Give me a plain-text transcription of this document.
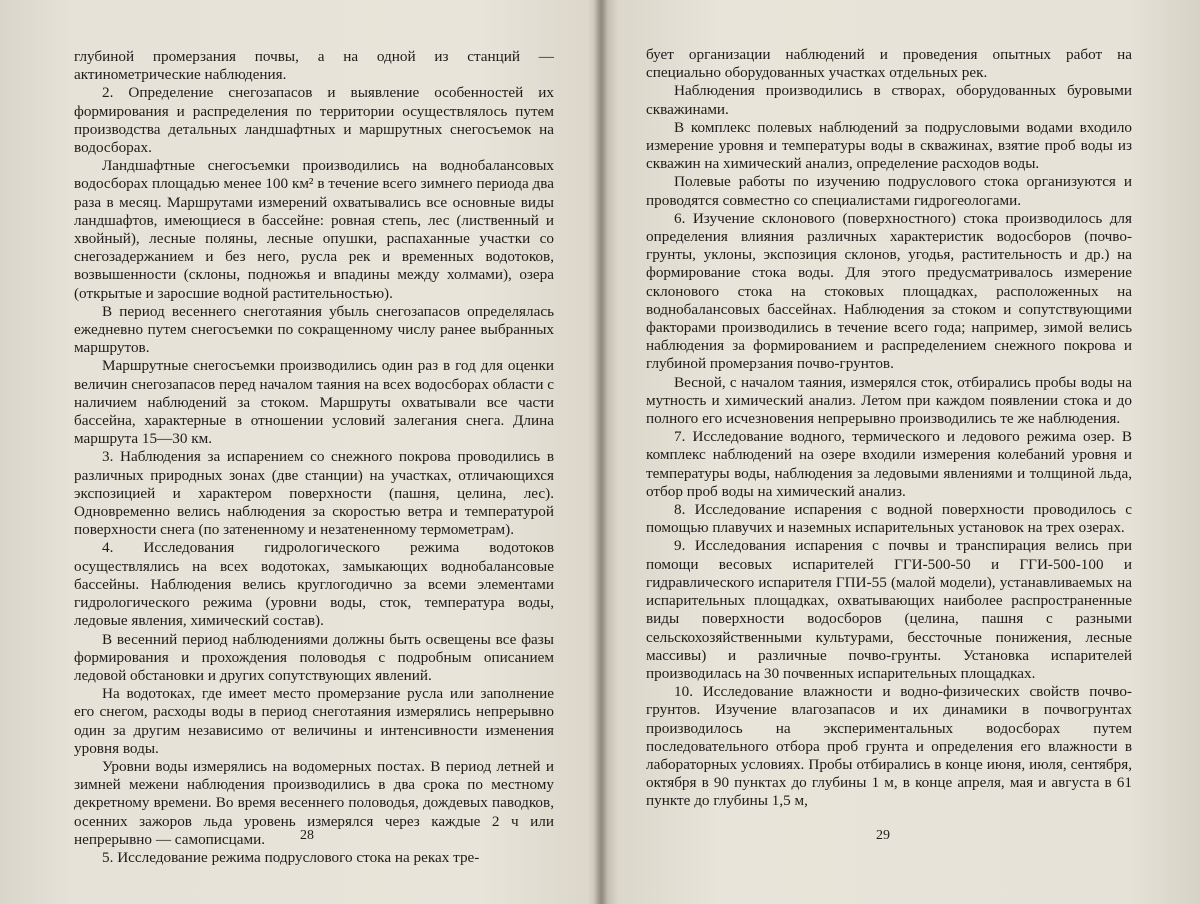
глубиной промерзания почвы, а на одной из станций — актинометрические наблюдения.

2. Определение снегозапасов и выявление особенностей их формирования и распределения по территории осуществлялось путем производства детальных ландшафтных и маршрутных снегосъемок на водосборах.

Ландшафтные снегосъемки производились на воднобалансовых водосборах площадью менее 100 км² в течение всего зимнего периода два раза в месяц. Маршрутами измерений охватывались все основные виды ландшафтов, имеющиеся в бассейне: ровная степь, лес (лиственный и хвойный), лесные поляны, лесные опушки, распаханные участки со снегозадержанием и без него, русла рек и временных водотоков, возвышенности (склоны, подножья и впадины между холмами), озера (открытые и заросшие водной растительностью).

В период весеннего снеготаяния убыль снегозапасов определялась ежедневно путем снегосъемки по сокращенному числу ранее выбранных маршрутов.

Маршрутные снегосъемки производились один раз в год для оценки величин снегозапасов перед началом таяния на всех водосборах области с наличием наблюдений за стоком. Маршруты охватывали все части бассейна, характерные в отношении условий залегания снега. Длина маршрута 15—30 км.

3. Наблюдения за испарением со снежного покрова проводились в различных природных зонах (две станции) на участках, отличающихся экспозицией и характером поверхности (пашня, целина, лес). Одновременно велись наблюдения за скоростью ветра и температурой поверхности снега (по затененному и незатененному термометрам).

4. Исследования гидрологического режима водотоков осуществлялись на всех водотоках, замыкающих воднобалансовые бассейны. Наблюдения велись круглогодично за всеми элементами гидрологического режима (уровни воды, сток, температура воды, ледовые явления, химический состав).

В весенний период наблюдениями должны быть освещены все фазы формирования и прохождения половодья с подробным описанием ледовой обстановки и других сопутствующих явлений.

На водотоках, где имеет место промерзание русла или заполнение его снегом, расходы воды в период снеготаяния измерялись непрерывно один за другим независимо от величины и интенсивности изменения уровня воды.

Уровни воды измерялись на водомерных постах. В период летней и зимней межени наблюдения производились в два срока по местному декретному времени. Во время весеннего половодья, дождевых паводков, осенних зажоров льда уровень измерялся через каждые 2 ч или непрерывно — самописцами.

5. Исследование режима подруслового стока на реках тре-

28

бует организации наблюдений и проведения опытных работ на специально оборудованных участках отдельных рек.

Наблюдения производились в створах, оборудованных буровыми скважинами.

В комплекс полевых наблюдений за подрусловыми водами входило измерение уровня и температуры воды в скважинах, взятие проб воды из скважин на химический анализ, определение расходов воды.

Полевые работы по изучению подруслового стока организуются и проводятся совместно со специалистами гидрогеологами.

6. Изучение склонового (поверхностного) стока производилось для определения влияния различных характеристик водосборов (почво-грунты, уклоны, экспозиция склонов, угодья, растительность и др.) на формирование стока воды. Для этого предусматривалось измерение склонового стока на стоковых площадках, расположенных на воднобалансовых бассейнах. Наблюдения за стоком и сопутствующими факторами производились в течение всего года; например, зимой велись наблюдения за формированием и распределением снежного покрова и глубиной промерзания почво-грунтов.

Весной, с началом таяния, измерялся сток, отбирались пробы воды на мутность и химический анализ. Летом при каждом появлении стока и до полного его исчезновения непрерывно производились те же наблюдения.

7. Исследование водного, термического и ледового режима озер. В комплекс наблюдений на озере входили измерения колебаний уровня и температуры воды, наблюдения за ледовыми явлениями и толщиной льда, отбор проб воды на химический анализ.

8. Исследование испарения с водной поверхности проводилось с помощью плавучих и наземных испарительных установок на трех озерах.

9. Исследования испарения с почвы и транспирация велись при помощи весовых испарителей ГГИ-500-50 и ГГИ-500-100 и гидравлического испарителя ГПИ-55 (малой модели), устанавливаемых на испарительных площадках, охватывающих наиболее распространенные виды поверхности водосборов (целина, пашня с разными сельскохозяйственными культурами, бессточные понижения, лесные массивы) и различные почво-грунты. Установка испарителей производилась на 30 почвенных испарительных площадках.

10. Исследование влажности и водно-физических свойств почво-грунтов. Изучение влагозапасов и их динамики в почвогрунтах производилось на экспериментальных водосборах путем последовательного отбора проб грунта и определения его влажности в лабораторных условиях. Пробы отбирались в конце июня, июля, сентября, октября в 90 пунктах до глубины 1 м, в конце апреля, мая и августа в 61 пункте до глубины 1,5 м,

29
